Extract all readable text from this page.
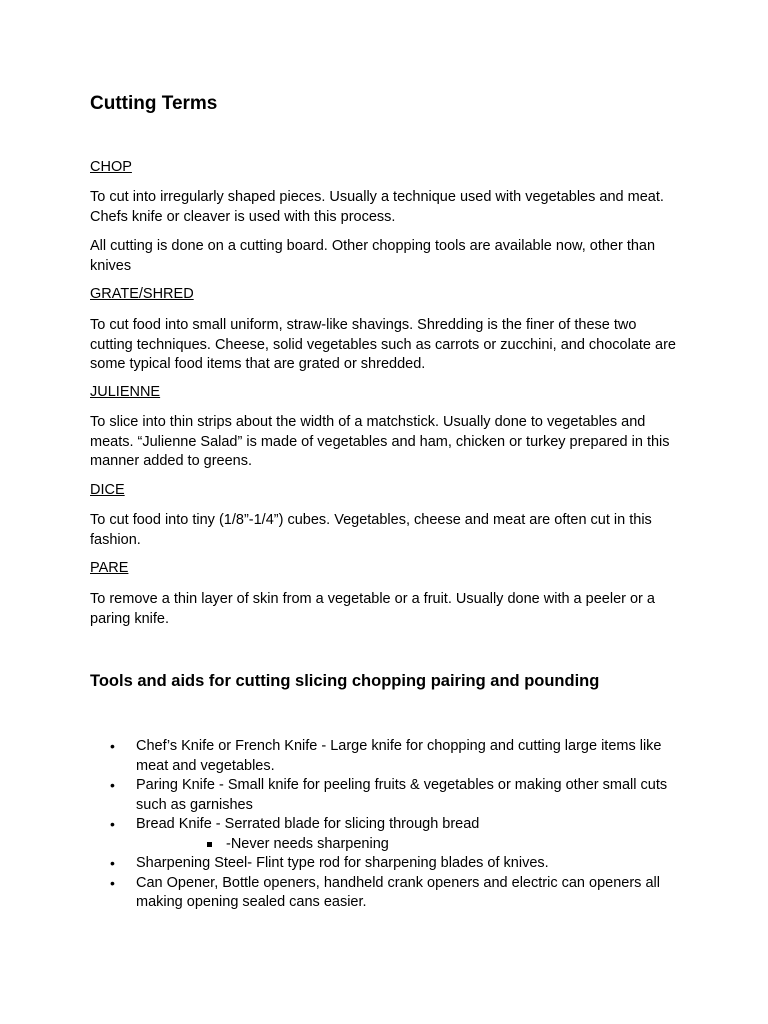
Cutting Terms
CHOP
To cut into irregularly shaped pieces. Usually a technique used with vegetables and meat. Chefs knife or cleaver is used with this process.
All cutting is done on a cutting board. Other chopping tools are available now, other than knives
GRATE/SHRED
To cut food into small uniform, straw-like shavings. Shredding is the finer of these two cutting techniques. Cheese, solid vegetables such as carrots or zucchini, and chocolate are some typical food items that are grated or shredded.
JULIENNE
To slice into thin strips about the width of a matchstick. Usually done to vegetables and meats. “Julienne Salad” is made of vegetables and ham, chicken or turkey prepared in this manner added to greens.
DICE
To cut food into tiny (1/8”-1/4”) cubes. Vegetables, cheese and meat are often cut in this fashion.
PARE
To remove a thin layer of skin from a vegetable or a fruit. Usually done with a peeler or a paring knife.
Tools and aids for cutting slicing chopping pairing and pounding
• Chef’s Knife or French Knife - Large knife for chopping and cutting large items like meat and vegetables.
• Paring Knife - Small knife for peeling fruits & vegetables or making other small cuts such as garnishes
• Bread Knife - Serrated blade for slicing through bread
-Never needs sharpening
• Sharpening Steel- Flint type rod for sharpening blades of knives.
• Can Opener, Bottle openers, handheld crank openers and electric can openers all making opening sealed cans easier.
